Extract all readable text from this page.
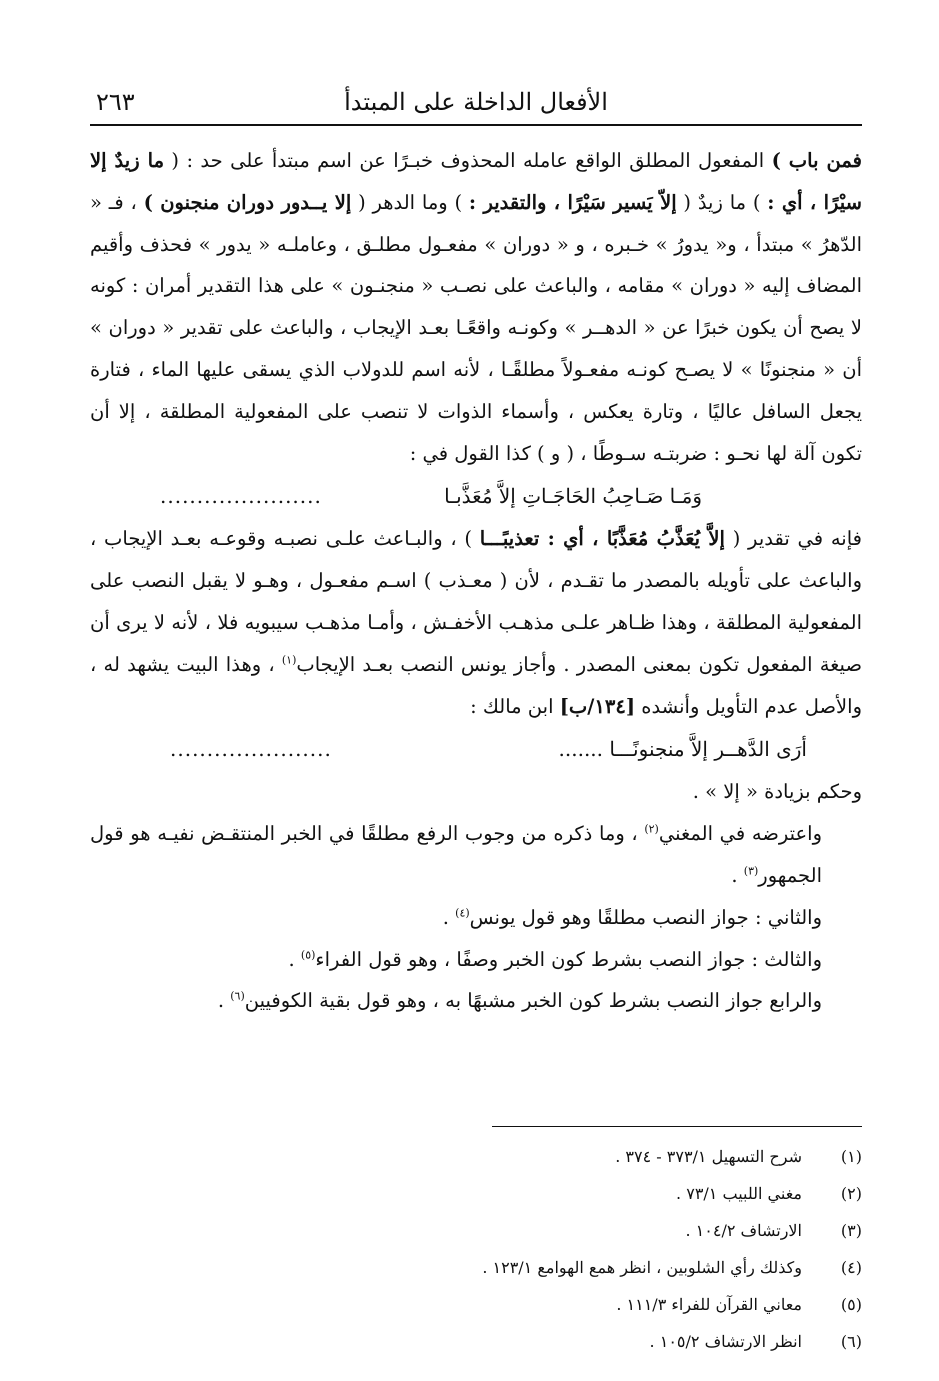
الأفعال الداخلة على المبتدأ
٢٦٣

فمن باب ) المفعول المطلق الواقع عامله المحذوف خبـرًا عن اسم مبتدأ على حد : ( ما زيدٌ إلا سيْرًا ، أي : ) ما زيدٌ ( إلاّ يَسير سَيْرًا ، والتقدير : ) وما الدهر ( إلا يــدور دوران منجنون ) ، فـ « الدّهرُ » مبتدأ ، و« يدورُ » خـبره ، و « دوران » مفعـول مطلـق ، وعاملـه « يدور » فحذف وأقيم المضاف إليه « دوران » مقامه ، والباعث على نصـب « منجنـون » على هذا التقدير أمران : كونه لا يصح أن يكون خبرًا عن « الدهــر » وكونـه واقعًـا بعـد الإيجاب ، والباعث على تقدير « دوران » أن « منجنونًا » لا يصـح كونـه مفعـولاً مطلقًـا ، لأنه اسم للدولاب الذي يسقى عليها الماء ، فتارة يجعل السافل عاليًا ، وتارة يعكس ، وأسماء الذوات لا تنصب على المفعولية المطلقة ، إلا أن تكون آلة لها نحـو : ضربتـه سـوطًا ، ( و ) كذا القول في :

وَمَـا صَـاحِبُ الحَاجَـاتِ إلاَّ مُعَذَّبـا
......................

فإنه في تقدير ( إلاَّ يُعَذَّبُ مُعَذَّبًا ، أي : تعذيبًـــا ) ، والبـاعث علـى نصبـه وقوعـه بعـد الإيجاب ، والباعث على تأويله بالمصدر ما تقـدم ، لأن ( معـذب ) اسـم مفعـول ، وهـو لا يقبل النصب على المفعولية المطلقة ، وهذا ظـاهر علـى مذهـب الأخفـش ، وأمـا مذهـب سيبويه فلا ، لأنه لا يرى أن صيغة المفعول تكون بمعنى المصدر . وأجاز يونس النصب بعـد الإيجاب$^{(١)}$ ، وهذا البيت يشهد له ، والأصل عدم التأويل وأنشده [١٣٤/ب] ابن مالك :

أرَى الدَّهــر إلاَّ منجنونًـــا .......
......................

وحكم بزيادة « إلا » .

واعترضه في المغني$^{(٢)}$ ، وما ذكره من وجوب الرفع مطلقًا في الخبر المنتقـض نفيـه هو قول الجمهور$^{(٣)}$ .

والثاني : جواز النصب مطلقًا وهو قول يونس$^{(٤)}$ .

والثالث : جواز النصب بشرط كون الخبر وصفًا ، وهو قول الفراء$^{(٥)}$ .

والرابع جواز النصب بشرط كون الخبر مشبهًا به ، وهو قول بقية الكوفيين$^{(٦)}$ .

(١)
شرح التسهيل ٣٧٣/١ - ٣٧٤ .
(٢)
مغني اللبيب ٧٣/١ .
(٣)
الارتشاف ١٠٤/٢ .
(٤)
وكذلك رأي الشلوبين ، انظر همع الهوامع ١٢٣/١ .
(٥)
معاني القرآن للفراء ١١١/٣ .
(٦)
انظر الارتشاف ١٠٥/٢ .
